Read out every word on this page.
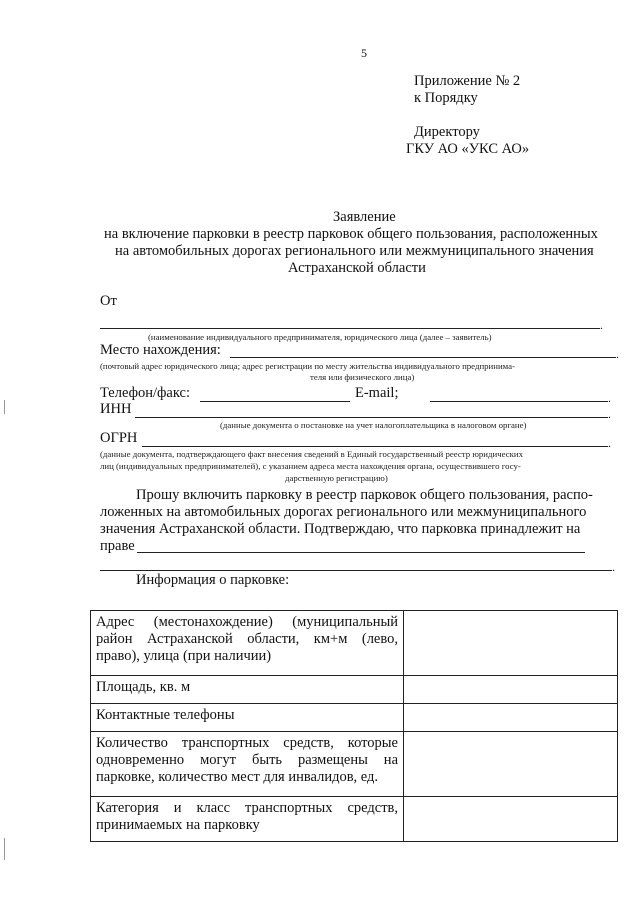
5
Приложение № 2
к Порядку
Директору
ГКУ АО «УКС АО»
Заявление
на включение парковки в реестр парковок общего пользования, расположенных
на автомобильных дорогах регионального или межмуниципального значения
Астраханской области
От
.
(наименование индивидуального предпринимателя, юридического лица (далее – заявитель)
Место нахождения:	.
(почтовый адрес юридического лица; адрес регистрации по месту жительства индивидуального предпринима-
теля или физического лица)
Телефон/факс:	E-mail;	.
ИНН	.
(данные документа о постановке на учет налогоплательщика в налоговом органе)
ОГРН	.
(данные документа, подтверждающего факт внесения сведений в Единый государственный реестр юридических
лиц (индивидуальных предпринимателей), с указанием адреса места нахождения органа, осуществившего госу-
дарственную регистрацию)
Прошу включить парковку в реестр парковок общего пользования, распо-
ложенных на автомобильных дорогах регионального или межмуниципального
значения Астраханской области. Подтверждаю, что парковка принадлежит на
праве
.
Информация о парковке:
Адрес (местонахождение) (муниципальный район Астраханской области, км+м (лево, право), улица (при наличии)	
Площадь, кв. м	
Контактные телефоны	
Количество транспортных средств, которые одновременно могут быть размещены на парковке, количество мест для инвалидов, ед.	
Категория и класс транспортных средств, принимаемых на парковку	
